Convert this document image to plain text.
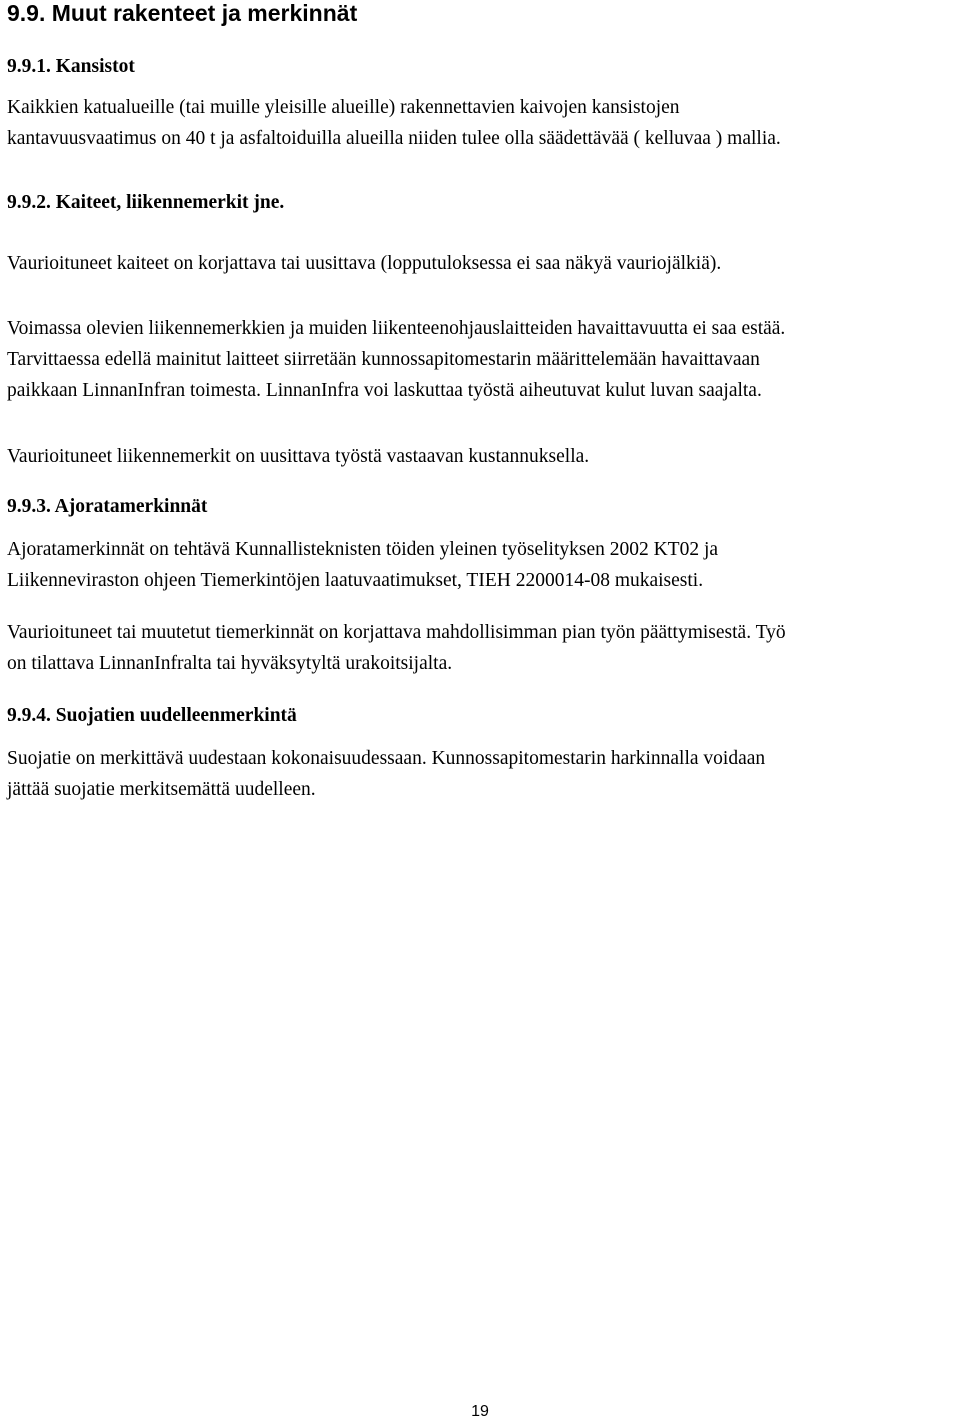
9.9. Muut rakenteet ja merkinnät
9.9.1. Kansistot
Kaikkien katualueille (tai muille yleisille alueille) rakennettavien kaivojen kansistojen
kantavuusvaatimus on 40 t ja asfaltoiduilla alueilla niiden tulee olla säädettävää ( kelluvaa ) mallia.
9.9.2. Kaiteet, liikennemerkit jne.
Vaurioituneet kaiteet on korjattava tai uusittava (lopputuloksessa ei saa näkyä vauriojälkiä).
Voimassa olevien liikennemerkkien ja muiden liikenteenohjauslaitteiden havaittavuutta ei saa estää.
Tarvittaessa edellä mainitut laitteet siirretään kunnossapitomestarin määrittelemään havaittavaan
paikkaan LinnanInfran toimesta. LinnanInfra voi laskuttaa työstä aiheutuvat kulut luvan saajalta.
Vaurioituneet liikennemerkit on uusittava työstä vastaavan kustannuksella.
9.9.3. Ajoratamerkinnät
Ajoratamerkinnät on tehtävä Kunnallisteknisten töiden yleinen työselityksen 2002 KT02 ja
Liikenneviraston ohjeen Tiemerkintöjen laatuvaatimukset, TIEH 2200014-08 mukaisesti.
Vaurioituneet tai muutetut tiemerkinnät on korjattava mahdollisimman pian työn päättymisestä. Työ
on tilattava LinnanInfralta tai hyväksytyltä urakoitsijalta.
9.9.4. Suojatien uudelleenmerkintä
Suojatie on merkittävä uudestaan kokonaisuudessaan. Kunnossapitomestarin harkinnalla voidaan
jättää suojatie merkitsemättä uudelleen.
19
